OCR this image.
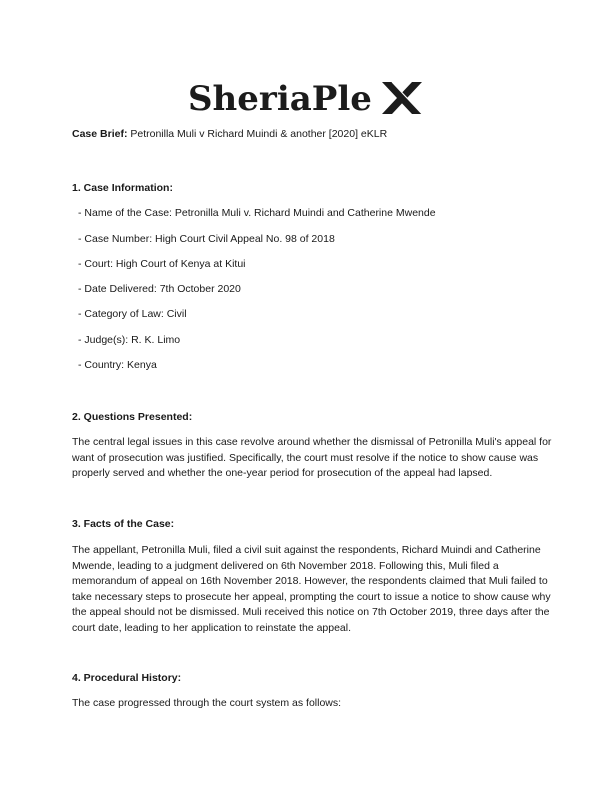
SheriaPle
X
Case Brief: Petronilla Muli v Richard Muindi & another [2020] eKLR
1. Case Information:
- Name of the Case: Petronilla Muli v. Richard Muindi and Catherine Mwende
- Case Number: High Court Civil Appeal No. 98 of 2018
- Court: High Court of Kenya at Kitui
- Date Delivered: 7th October 2020
- Category of Law: Civil
- Judge(s): R. K. Limo
- Country: Kenya
2. Questions Presented:

The central legal issues in this case revolve around whether the dismissal of Petronilla Muli's appeal for

want of prosecution was justified. Specifically, the court must resolve if the notice to show cause was

properly served and whether the one-year period for prosecution of the appeal had lapsed.

3. Facts of the Case:

The appellant, Petronilla Muli, filed a civil suit against the respondents, Richard Muindi and Catherine

Mwende, leading to a judgment delivered on 6th November 2018. Following this, Muli filed a

memorandum of appeal on 16th November 2018. However, the respondents claimed that Muli failed to

take necessary steps to prosecute her appeal, prompting the court to issue a notice to show cause why

the appeal should not be dismissed. Muli received this notice on 7th October 2019, three days after the

court date, leading to her application to reinstate the appeal.

4. Procedural History:

The case progressed through the court system as follows:
